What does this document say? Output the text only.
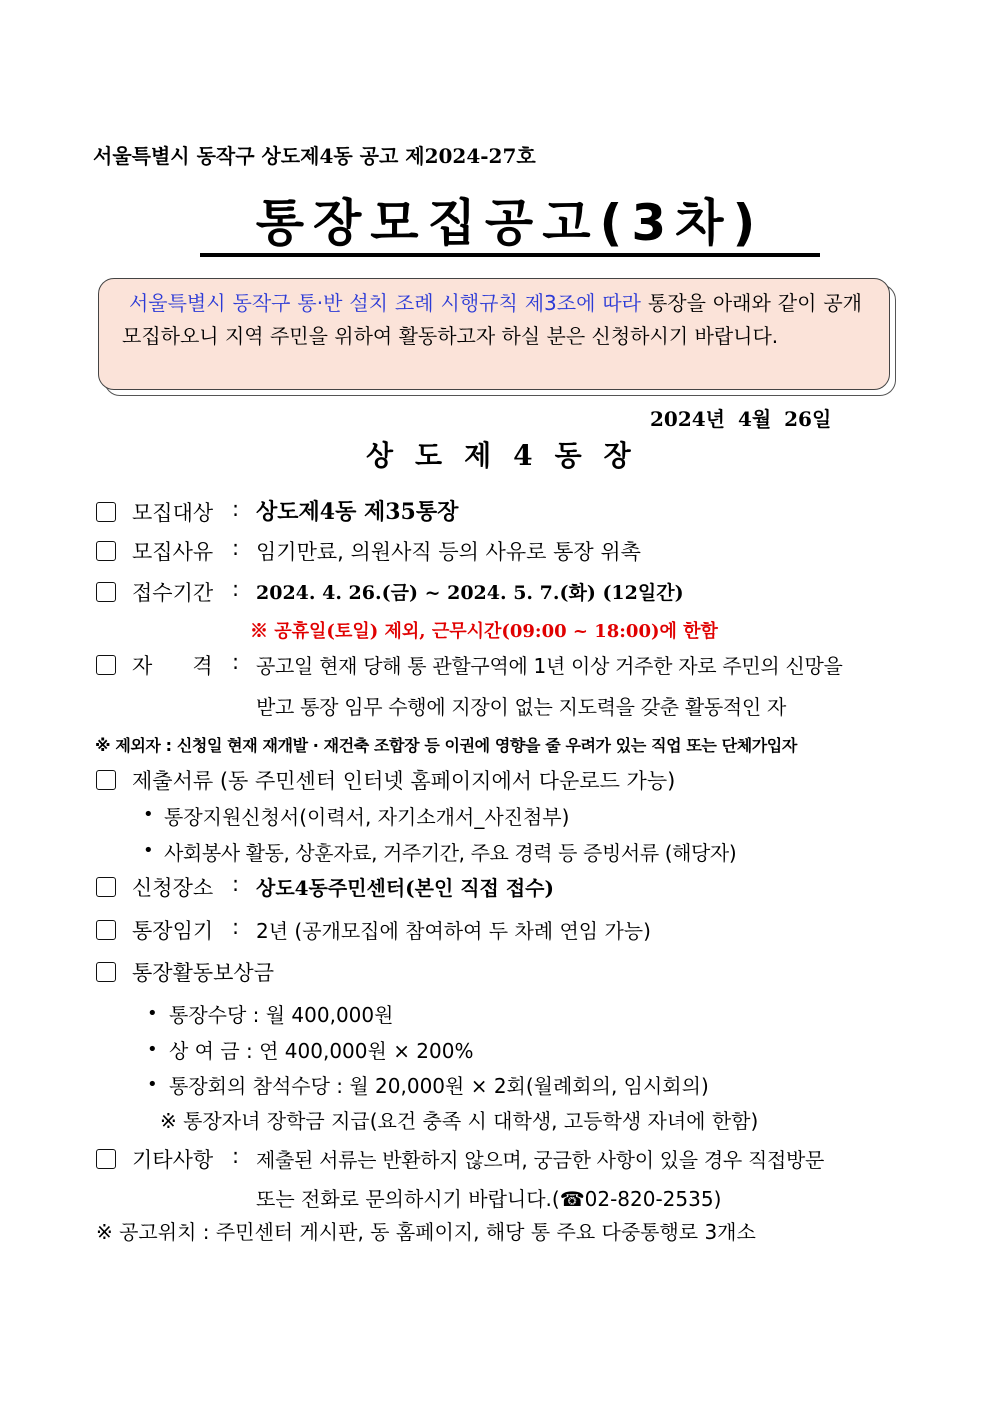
서울특별시 동작구 상도제4동 공고 제2024-27호
통장모집공고(3차)
서울특별시 동작구 통·반 설치 조례 시행규칙 제3조에 따라 통장을 아래와 같이 공개모집하오니 지역 주민을 위하여 활동하고자 하실 분은 신청하시기 바랍니다.
2024년 4월 26일
상도제4동장
모집대상 : 상도제4동 제35통장
모집사유 : 임기만료, 의원사직 등의 사유로 통장 위촉
접수기간 : 2024. 4. 26.(금) ~ 2024. 5. 7.(화) (12일간)
※ 공휴일(토일) 제외, 근무시간(09:00 ~ 18:00)에 한함
자      격 : 공고일 현재 당해 통 관할구역에 1년 이상 거주한 자로 주민의 신망을
받고 통장 임무 수행에 지장이 없는 지도력을 갖춘 활동적인 자
※ 제외자 : 신청일 현재 재개발 · 재건축 조합장 등 이권에 영향을 줄 우려가 있는 직업 또는 단체가입자
제출서류 (동 주민센터 인터넷 홈페이지에서 다운로드 가능)
• 통장지원신청서(이력서, 자기소개서_사진첨부)
• 사회봉사 활동, 상훈자료, 거주기간, 주요 경력 등 증빙서류 (해당자)
신청장소 : 상도4동주민센터(본인 직접 접수)
통장임기 : 2년 (공개모집에 참여하여 두 차례 연임 가능)
통장활동보상금
• 통장수당 : 월 400,000원
• 상 여 금 : 연 400,000원 × 200%
• 통장회의 참석수당 : 월 20,000원 × 2회(월례회의, 임시회의)
※ 통장자녀 장학금 지급(요건 충족 시 대학생, 고등학생 자녀에 한함)
기타사항 : 제출된 서류는 반환하지 않으며, 궁금한 사항이 있을 경우 직접방문
또는 전화로 문의하시기 바랍니다.(☎02-820-2535)
※ 공고위치 : 주민센터 게시판, 동 홈페이지, 해당 통 주요 다중통행로 3개소
